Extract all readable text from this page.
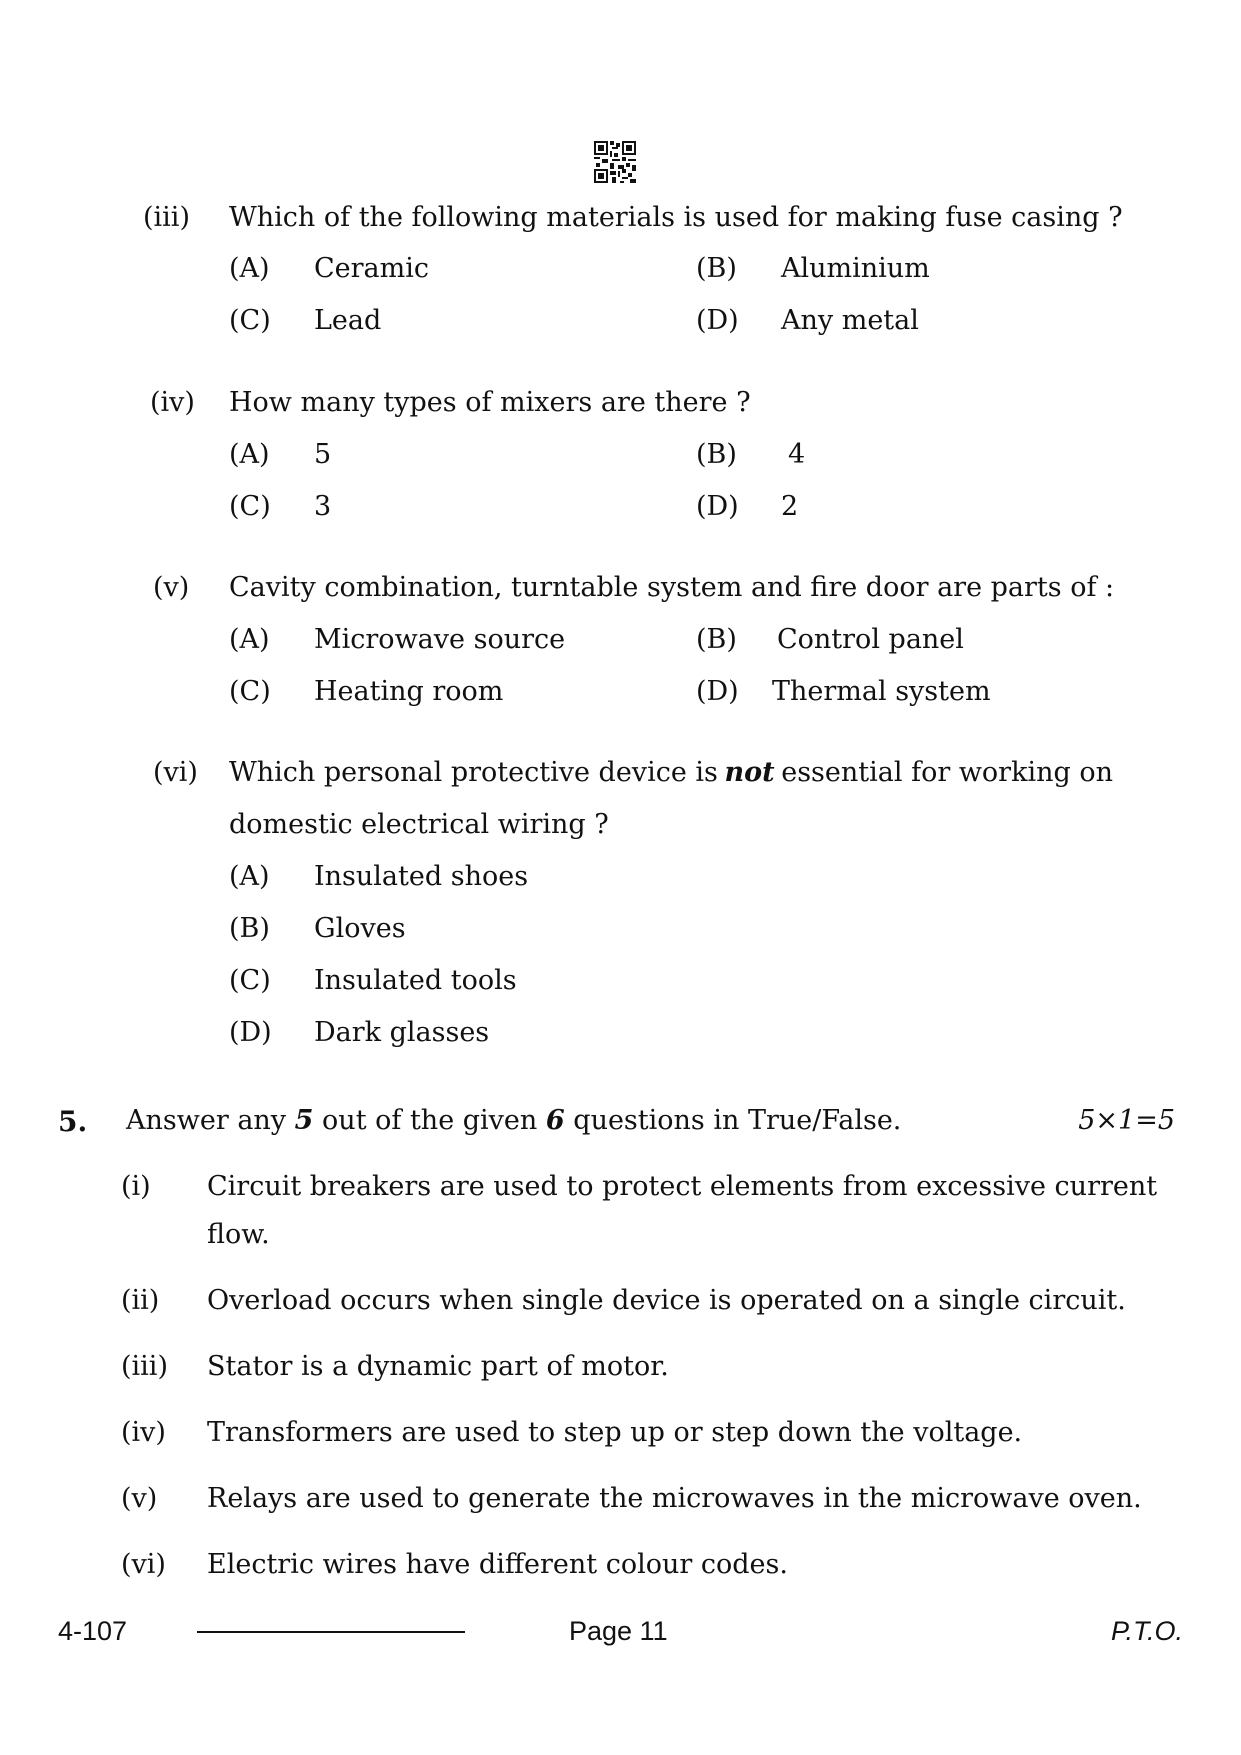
(iii) Which of the following materials is used for making fuse casing ?
(A) Ceramic	(B) Aluminium
(C) Lead	(D) Any metal
(iv) How many types of mixers are there ?
(A) 5	(B) 4
(C) 3	(D) 2
(v) Cavity combination, turntable system and fire door are parts of :
(A) Microwave source	(B) Control panel
(C) Heating room	(D) Thermal system
(vi) Which personal protective device is not essential for working on
domestic electrical wiring ?
(A) Insulated shoes
(B) Gloves
(C) Insulated tools
(D) Dark glasses
5. Answer any 5 out of the given 6 questions in True/False.	5×1=5
(i) Circuit breakers are used to protect elements from excessive current
flow.
(ii) Overload occurs when single device is operated on a single circuit.
(iii) Stator is a dynamic part of motor.
(iv) Transformers are used to step up or step down the voltage.
(v) Relays are used to generate the microwaves in the microwave oven.
(vi) Electric wires have different colour codes.
4-107	Page 11	P.T.O.
